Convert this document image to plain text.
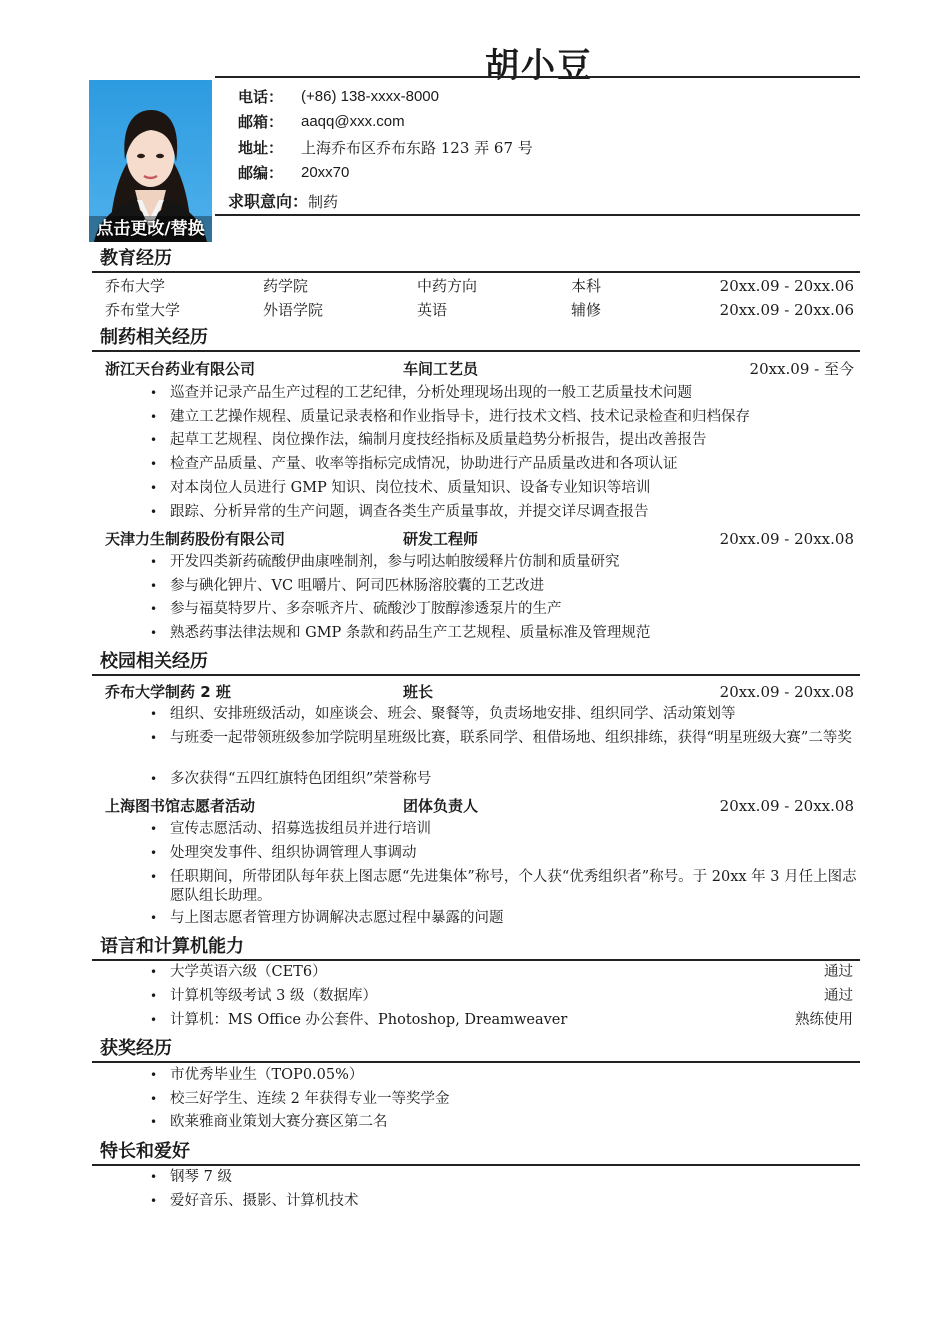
胡小豆
点击更改/替换
电话： (+86) 138-xxxx-8000
邮箱： aaqq@xxx.com
地址： 上海乔布区乔布东路 123 弄 67 号
邮编： 20xx70
求职意向：制药
教育经历
乔布大学	药学院	中药方向	本科	20xx.09 - 20xx.06
乔布堂大学	外语学院	英语	辅修	20xx.09 - 20xx.06
制药相关经历
浙江天台药业有限公司	车间工艺员	20xx.09 - 至今
• 巡查并记录产品生产过程的工艺纪律，分析处理现场出现的一般工艺质量技术问题
• 建立工艺操作规程、质量记录表格和作业指导卡，进行技术文档、技术记录检查和归档保存
• 起草工艺规程、岗位操作法，编制月度技经指标及质量趋势分析报告，提出改善报告
• 检查产品质量、产量、收率等指标完成情况，协助进行产品质量改进和各项认证
• 对本岗位人员进行 GMP 知识、岗位技术、质量知识、设备专业知识等培训
• 跟踪、分析异常的生产问题，调查各类生产质量事故，并提交详尽调查报告
天津力生制药股份有限公司	研发工程师	20xx.09 - 20xx.08
• 开发四类新药硫酸伊曲康唑制剂，参与吲达帕胺缓释片仿制和质量研究
• 参与碘化钾片、VC 咀嚼片、阿司匹林肠溶胶囊的工艺改进
• 参与福莫特罗片、多奈哌齐片、硫酸沙丁胺醇渗透泵片的生产
• 熟悉药事法律法规和 GMP 条款和药品生产工艺规程、质量标准及管理规范
校园相关经历
乔布大学制药 2 班	班长	20xx.09 - 20xx.08
• 组织、安排班级活动，如座谈会、班会、聚餐等，负责场地安排、组织同学、活动策划等
• 与班委一起带领班级参加学院明星班级比赛，联系同学、租借场地、组织排练，获得“明星班级大赛”二等奖
• 多次获得“五四红旗特色团组织”荣誉称号
上海图书馆志愿者活动	团体负责人	20xx.09 - 20xx.08
• 宣传志愿活动、招募选拔组员并进行培训
• 处理突发事件、组织协调管理人事调动
• 任职期间，所带团队每年获上图志愿“先进集体”称号，个人获“优秀组织者”称号。于 20xx 年 3 月任上图志愿队组长助理。
• 与上图志愿者管理方协调解决志愿过程中暴露的问题
语言和计算机能力
• 大学英语六级（CET6）	通过
• 计算机等级考试 3 级（数据库）	通过
• 计算机：MS Office 办公套件、Photoshop, Dreamweaver	熟练使用
获奖经历
• 市优秀毕业生（TOP0.05%）
• 校三好学生、连续 2 年获得专业一等奖学金
• 欧莱雅商业策划大赛分赛区第二名
特长和爱好
• 钢琴 7 级
• 爱好音乐、摄影、计算机技术
